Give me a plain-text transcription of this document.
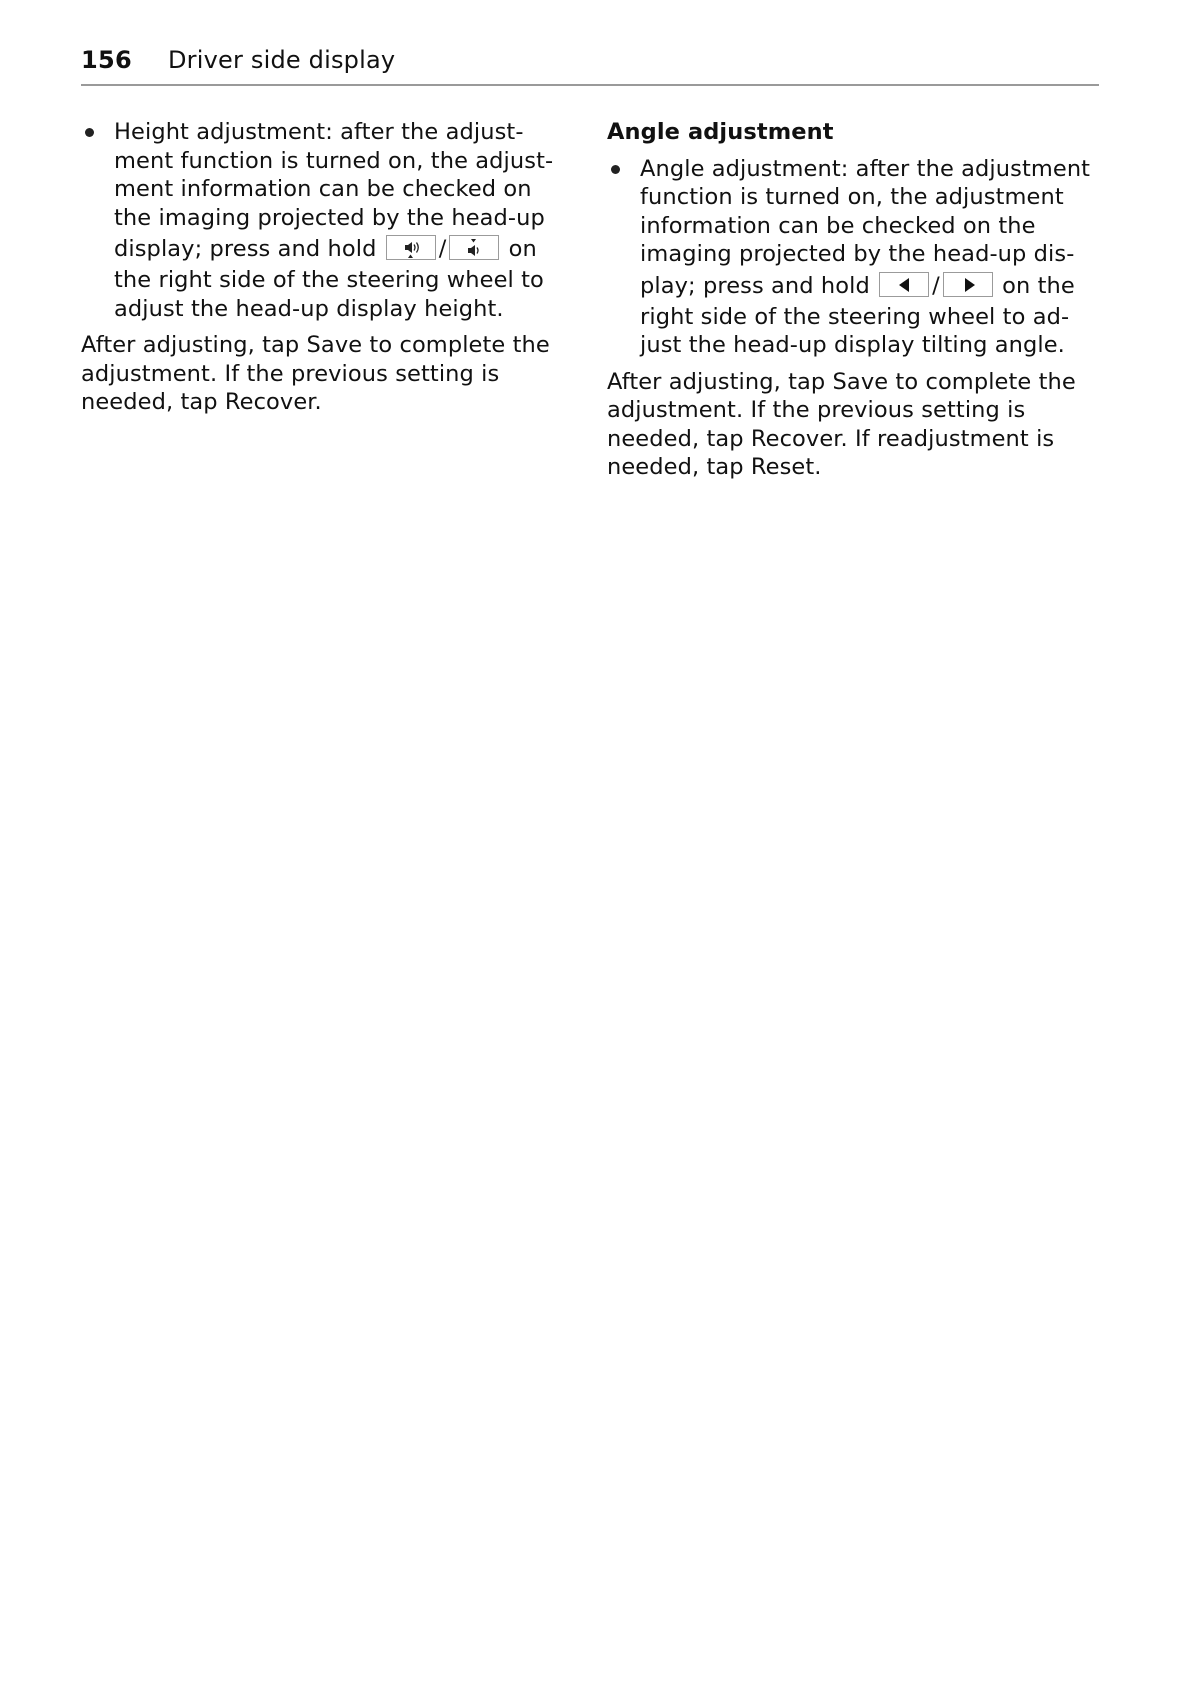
156 Driver side display
Height adjustment: after the adjust-
ment function is turned on, the adjust-
ment information can be checked on
the imaging projected by the head-up
display; press and hold	/	on
the right side of the steering wheel to
adjust the head-up display height.
After adjusting, tap Save to complete the
adjustment. If the previous setting is
needed, tap Recover.
Angle adjustment
Angle adjustment: after the adjustment
function is turned on, the adjustment
information can be checked on the
imaging projected by the head-up dis-
play; press and hold	/	on the
right side of the steering wheel to ad-
just the head-up display tilting angle.
After adjusting, tap Save to complete the
adjustment. If the previous setting is
needed, tap Recover. If readjustment is
needed, tap Reset.
